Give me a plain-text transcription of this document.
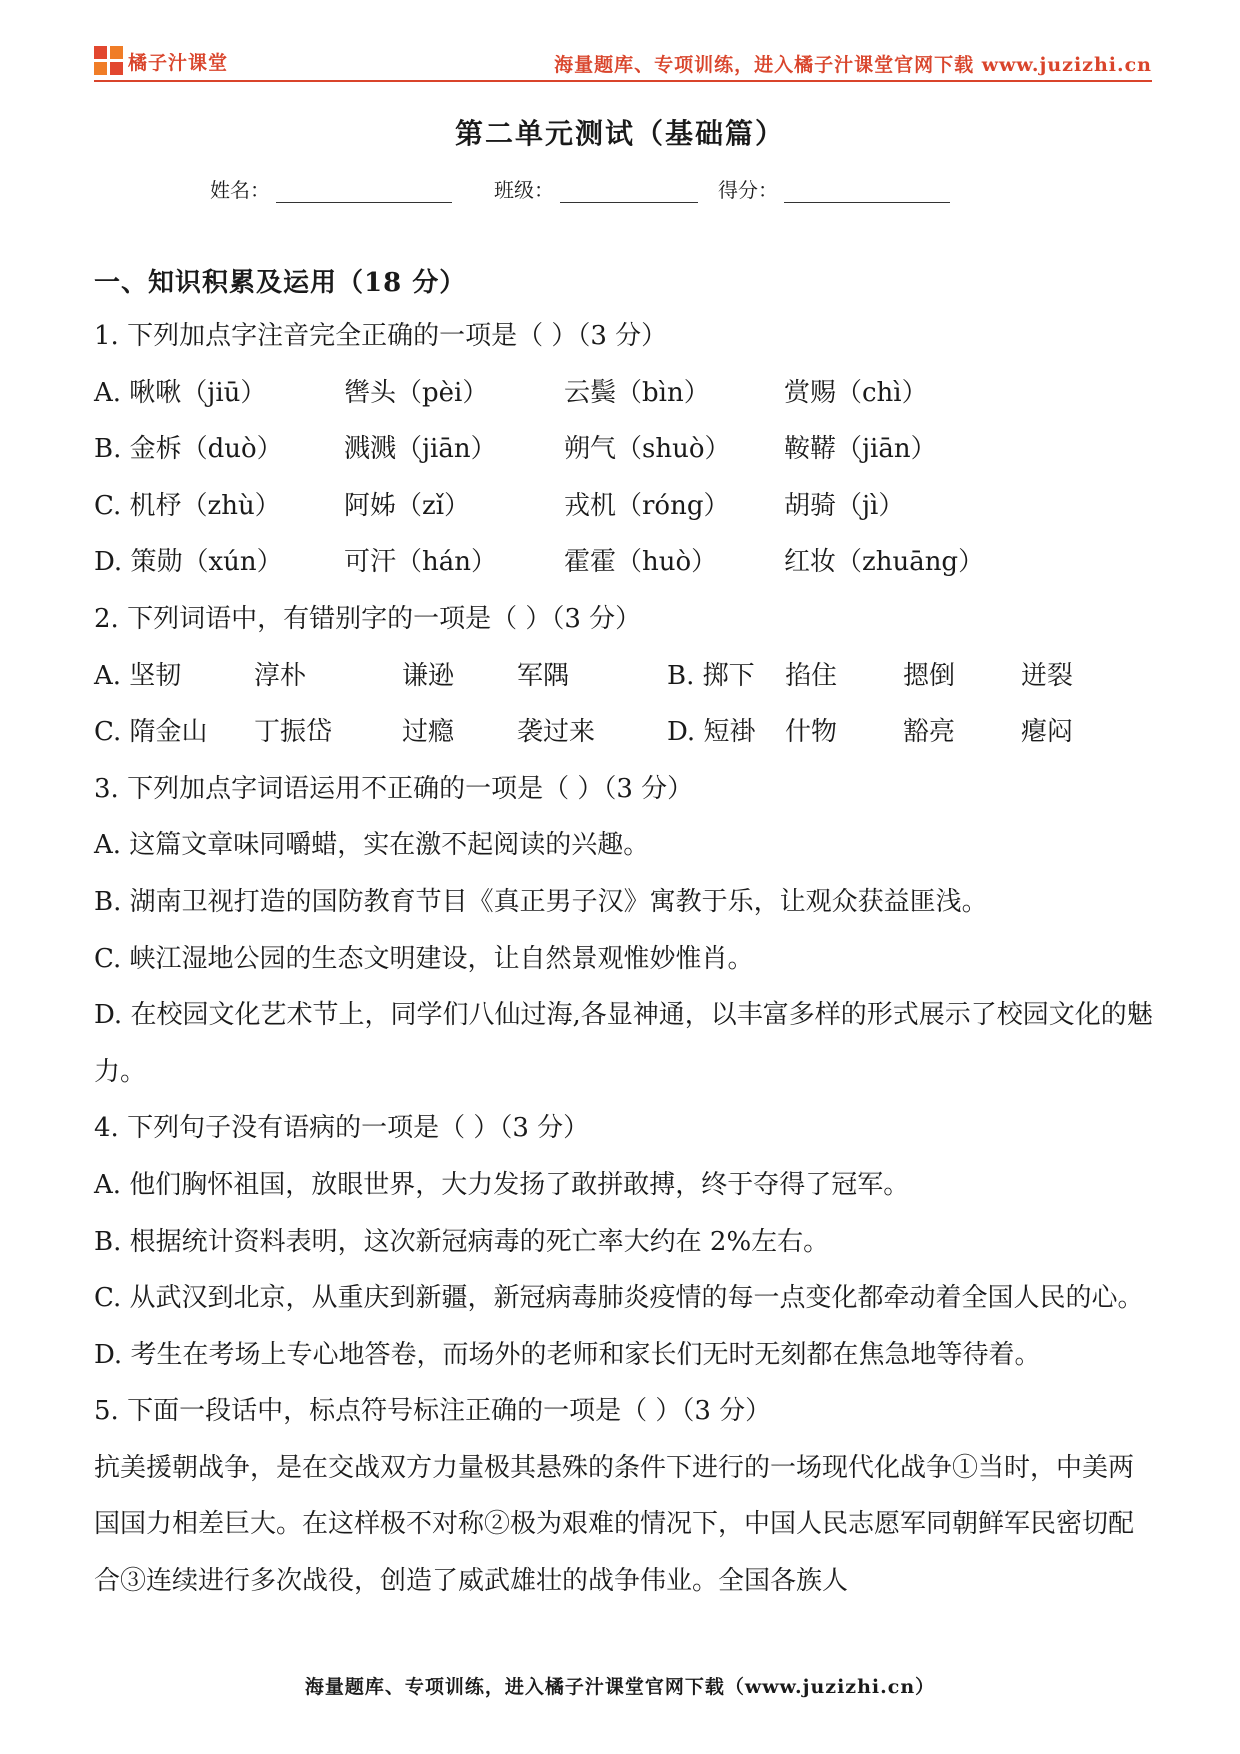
橘子汁课堂	海量题库、专项训练，进入橘子汁课堂官网下载 www.juzizhi.cn
第二单元测试（基础篇）
姓名：	班级：	得分：
一、知识积累及运用（18 分）
1. 下列加点字注音完全正确的一项是（ ）（3 分）
A. 啾啾（jiū）	辔头（pèi）	云鬓（bìn）	赏赐（chì）
B. 金柝（duò）	溅溅（jiān）	朔气（shuò）	鞍鞯（jiān）
C. 机杼（zhù）	阿姊（zǐ）	戎机（róng）	胡骑（jì）
D. 策勋（xún）	可汗（hán）	霍霍（huò）	红妆（zhuāng）
2. 下列词语中，有错别字的一项是（ ）（3 分）
A. 坚韧	淳朴	谦逊	军隅	B. 掷下	掐住	摁倒	迸裂
C. 隋金山	丁振岱	过瘾	袭过来	D. 短褂	什物	豁亮	瘪闷
3. 下列加点字词语运用不正确的一项是（ ）（3 分）
A. 这篇文章味同嚼蜡，实在激不起阅读的兴趣。
B. 湖南卫视打造的国防教育节目《真正男子汉》寓教于乐，让观众获益匪浅。
C. 峡江湿地公园的生态文明建设，让自然景观惟妙惟肖。
D. 在校园文化艺术节上，同学们八仙过海,各显神通，以丰富多样的形式展示了校园文化的魅力。
4. 下列句子没有语病的一项是（ ）（3 分）
A. 他们胸怀祖国，放眼世界，大力发扬了敢拼敢搏，终于夺得了冠军。
B. 根据统计资料表明，这次新冠病毒的死亡率大约在 2%左右。
C. 从武汉到北京，从重庆到新疆，新冠病毒肺炎疫情的每一点变化都牵动着全国人民的心。
D. 考生在考场上专心地答卷，而场外的老师和家长们无时无刻都在焦急地等待着。
5. 下面一段话中，标点符号标注正确的一项是（ ）（3 分）
抗美援朝战争，是在交战双方力量极其悬殊的条件下进行的一场现代化战争①当时，中美两国国力相差巨大。在这样极不对称②极为艰难的情况下，中国人民志愿军同朝鲜军民密切配合③连续进行多次战役，创造了威武雄壮的战争伟业。全国各族人
海量题库、专项训练，进入橘子汁课堂官网下载（www.juzizhi.cn）
